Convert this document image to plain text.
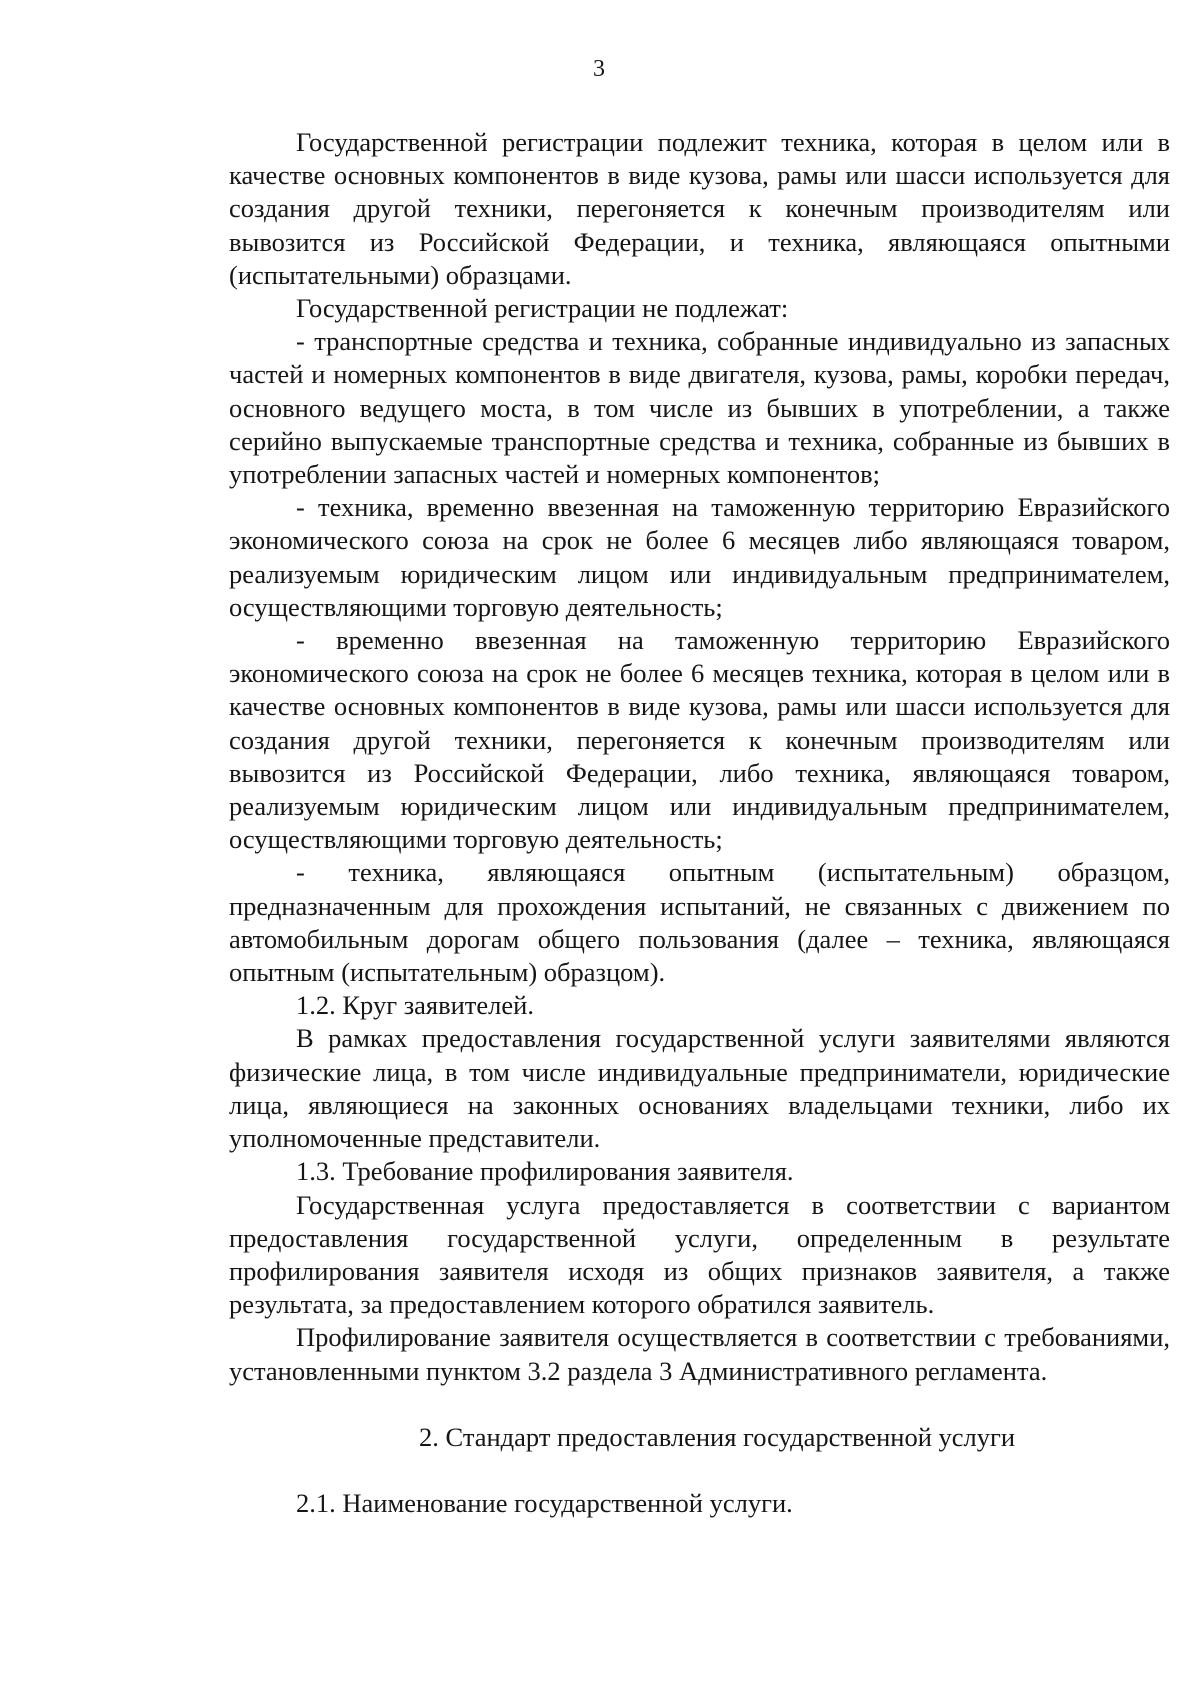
3

Государственной регистрации подлежит техника, которая в целом или в качестве основных компонентов в виде кузова, рамы или шасси используется для создания другой техники, перегоняется к конечным производителям или вывозится из Российской Федерации, и техника, являющаяся опытными (испытательными) образцами.

Государственной регистрации не подлежат:

- транспортные средства и техника, собранные индивидуально из запасных частей и номерных компонентов в виде двигателя, кузова, рамы, коробки передач, основного ведущего моста, в том числе из бывших в употреблении, а также серийно выпускаемые транспортные средства и техника, собранные из бывших в употреблении запасных частей и номерных компонентов;

- техника, временно ввезенная на таможенную территорию Евразийского экономического союза на срок не более 6 месяцев либо являющаяся товаром, реализуемым юридическим лицом или индивидуальным предпринимателем, осуществляющими торговую деятельность;

- временно ввезенная на таможенную территорию Евразийского экономического союза на срок не более 6 месяцев техника, которая в целом или в качестве основных компонентов в виде кузова, рамы или шасси используется для создания другой техники, перегоняется к конечным производителям или вывозится из Российской Федерации, либо техника, являющаяся товаром, реализуемым юридическим лицом или индивидуальным предпринимателем, осуществляющими торговую деятельность;

- техника, являющаяся опытным (испытательным) образцом, предназначенным для прохождения испытаний, не связанных с движением по автомобильным дорогам общего пользования (далее – техника, являющаяся опытным (испытательным) образцом).

1.2. Круг заявителей.

В рамках предоставления государственной услуги заявителями являются физические лица, в том числе индивидуальные предприниматели, юридические лица, являющиеся на законных основаниях владельцами техники, либо их уполномоченные представители.

1.3. Требование профилирования заявителя.

Государственная услуга предоставляется в соответствии с вариантом предоставления государственной услуги, определенным в результате профилирования заявителя исходя из общих признаков заявителя, а также результата, за предоставлением которого обратился заявитель.

Профилирование заявителя осуществляется в соответствии с требованиями, установленными пунктом 3.2 раздела 3 Административного регламента.

2. Стандарт предоставления государственной услуги

2.1. Наименование государственной услуги.
